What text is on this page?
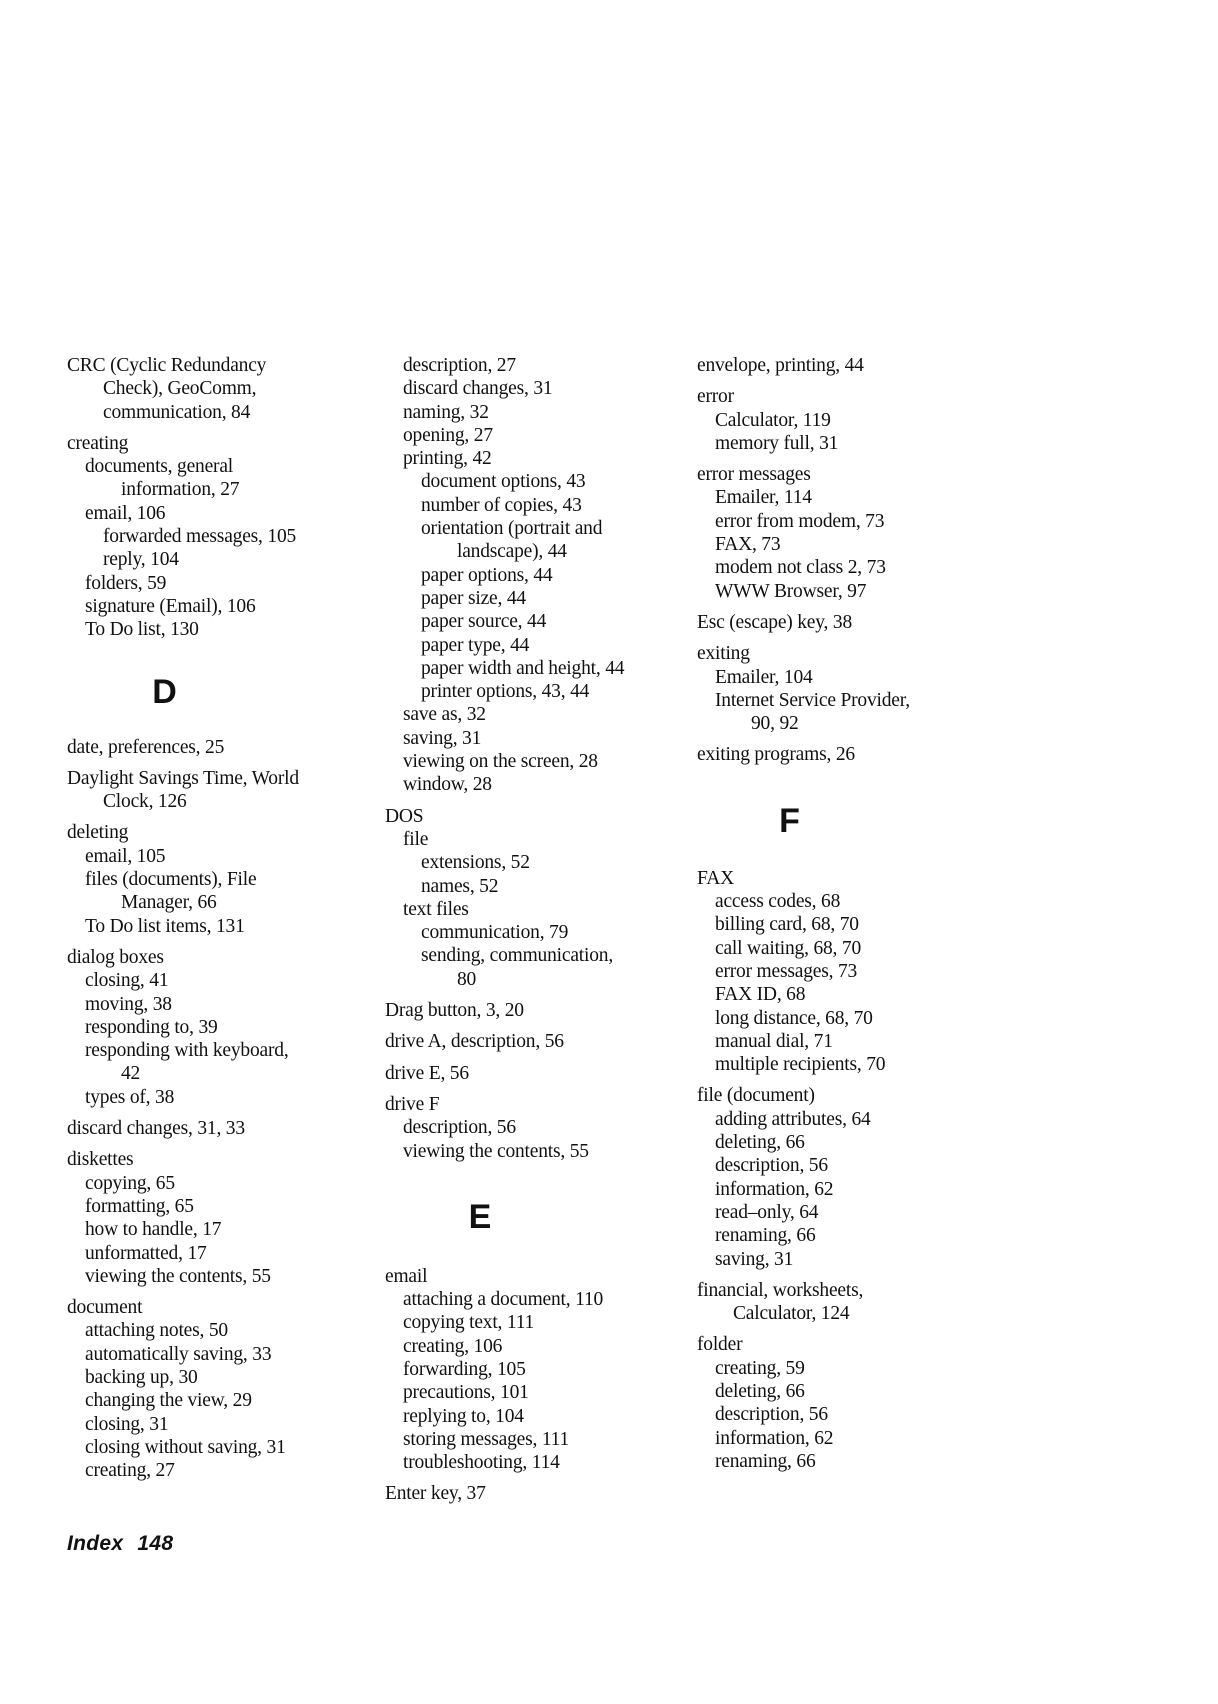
CRC (Cyclic Redundancy
Check), GeoComm,
communication, 84
creating
documents, general
information, 27
email, 106
forwarded messages, 105
reply, 104
folders, 59
signature (Email), 106
To Do list, 130
D
date, preferences, 25
Daylight Savings Time, World
Clock, 126
deleting
email, 105
files (documents), File
Manager, 66
To Do list items, 131
dialog boxes
closing, 41
moving, 38
responding to, 39
responding with keyboard,
42
types of, 38
discard changes, 31, 33
diskettes
copying, 65
formatting, 65
how to handle, 17
unformatted, 17
viewing the contents, 55
document
attaching notes, 50
automatically saving, 33
backing up, 30
changing the view, 29
closing, 31
closing without saving, 31
creating, 27
description, 27
discard changes, 31
naming, 32
opening, 27
printing, 42
document options, 43
number of copies, 43
orientation (portrait and
landscape), 44
paper options, 44
paper size, 44
paper source, 44
paper type, 44
paper width and height, 44
printer options, 43, 44
save as, 32
saving, 31
viewing on the screen, 28
window, 28
DOS
file
extensions, 52
names, 52
text files
communication, 79
sending, communication,
80
Drag button, 3, 20
drive A, description, 56
drive E, 56
drive F
description, 56
viewing the contents, 55
E
email
attaching a document, 110
copying text, 111
creating, 106
forwarding, 105
precautions, 101
replying to, 104
storing messages, 111
troubleshooting, 114
Enter key, 37
envelope, printing, 44
error
Calculator, 119
memory full, 31
error messages
Emailer, 114
error from modem, 73
FAX, 73
modem not class 2, 73
WWW Browser, 97
Esc (escape) key, 38
exiting
Emailer, 104
Internet Service Provider,
90, 92
exiting programs, 26
F
FAX
access codes, 68
billing card, 68, 70
call waiting, 68, 70
error messages, 73
FAX ID, 68
long distance, 68, 70
manual dial, 71
multiple recipients, 70
file (document)
adding attributes, 64
deleting, 66
description, 56
information, 62
read–only, 64
renaming, 66
saving, 31
financial, worksheets,
Calculator, 124
folder
creating, 59
deleting, 66
description, 56
information, 62
renaming, 66
Index 148
